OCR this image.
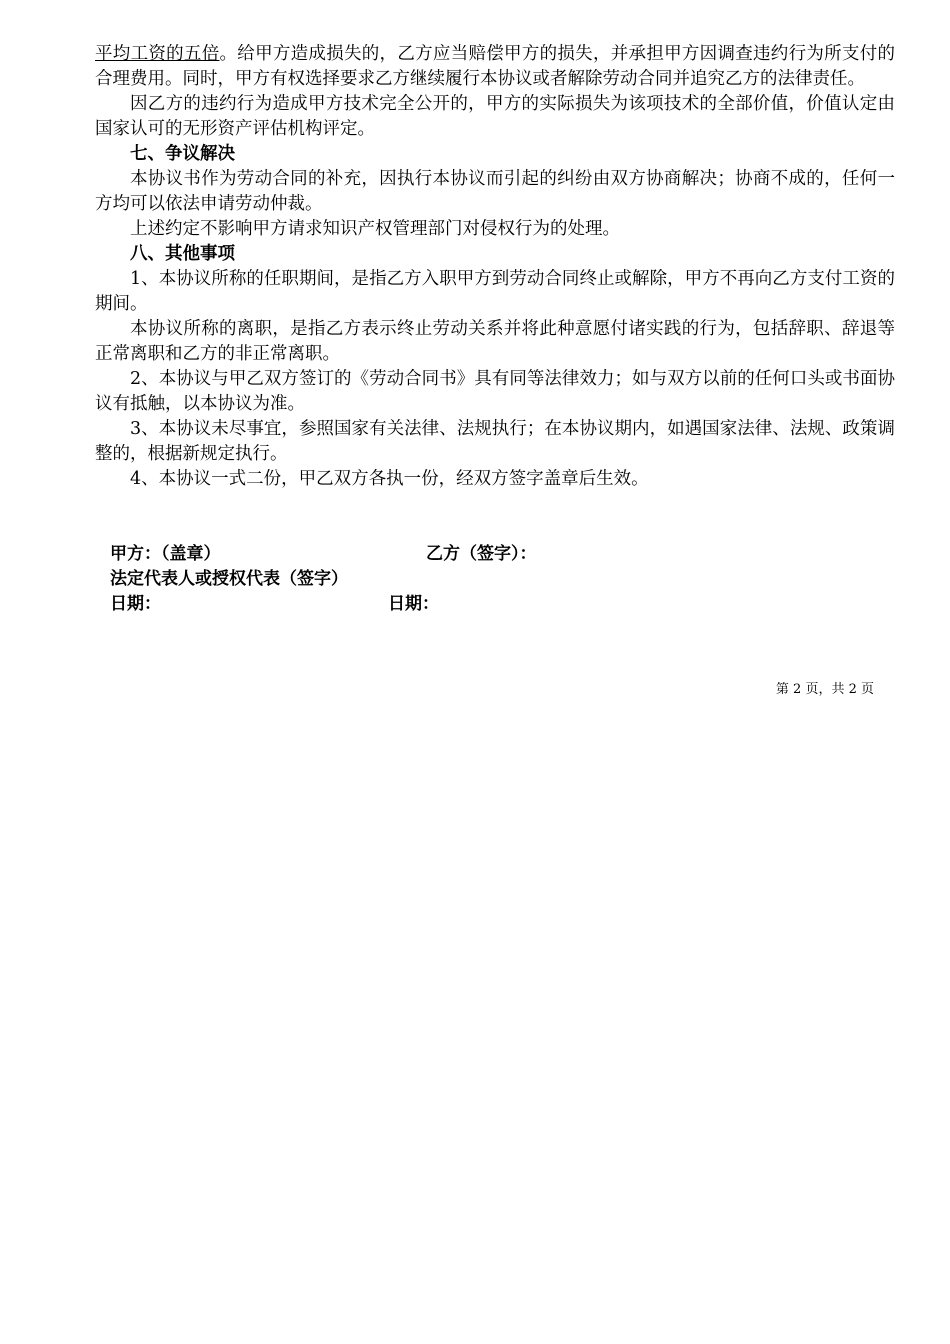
平均工资的五倍。给甲方造成损失的，乙方应当赔偿甲方的损失，并承担甲方因调查违约行为所支付的合理费用。同时，甲方有权选择要求乙方继续履行本协议或者解除劳动合同并追究乙方的法律责任。

因乙方的违约行为造成甲方技术完全公开的，甲方的实际损失为该项技术的全部价值，价值认定由国家认可的无形资产评估机构评定。

七、争议解决

本协议书作为劳动合同的补充，因执行本协议而引起的纠纷由双方协商解决；协商不成的，任何一方均可以依法申请劳动仲裁。

上述约定不影响甲方请求知识产权管理部门对侵权行为的处理。

八、其他事项

1、本协议所称的任职期间，是指乙方入职甲方到劳动合同终止或解除，甲方不再向乙方支付工资的期间。

本协议所称的离职，是指乙方表示终止劳动关系并将此种意愿付诸实践的行为，包括辞职、辞退等正常离职和乙方的非正常离职。

2、本协议与甲乙双方签订的《劳动合同书》具有同等法律效力；如与双方以前的任何口头或书面协议有抵触，以本协议为准。

3、本协议未尽事宜，参照国家有关法律、法规执行；在本协议期内，如遇国家法律、法规、政策调整的，根据新规定执行。

4、本协议一式二份，甲乙双方各执一份，经双方签字盖章后生效。

甲方：（盖章）	乙方（签字）：
法定代表人或授权代表（签字）
日期：	日期：
第 2 页，共 2 页
